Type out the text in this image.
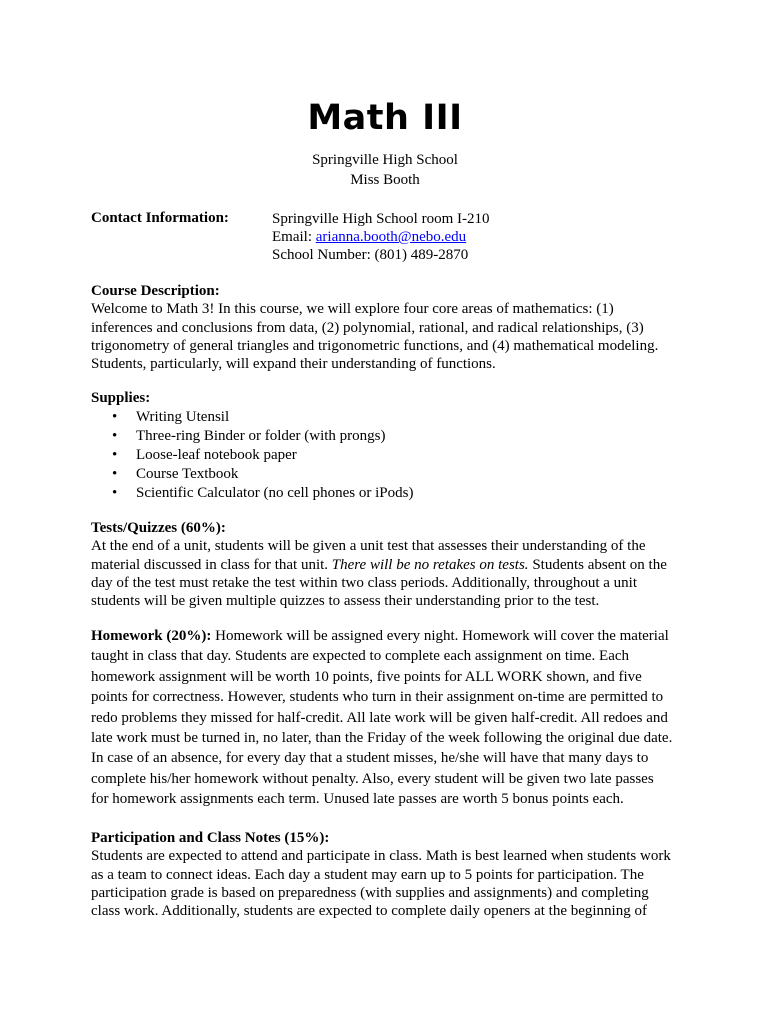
Math III
Springville High School
Miss Booth
Contact Information:	Springville High School room I-210
Email: arianna.booth@nebo.edu
School Number: (801) 489-2870
Course Description:
Welcome to Math 3! In this course, we will explore four core areas of mathematics: (1)
inferences and conclusions from data, (2) polynomial, rational, and radical relationships, (3)
trigonometry of general triangles and trigonometric functions, and (4) mathematical modeling.
Students, particularly, will expand their understanding of functions.
Supplies:
• Writing Utensil
• Three-ring Binder or folder (with prongs)
• Loose-leaf notebook paper
• Course Textbook
• Scientific Calculator (no cell phones or iPods)
Tests/Quizzes (60%):
At the end of a unit, students will be given a unit test that assesses their understanding of the
material discussed in class for that unit. There will be no retakes on tests. Students absent on the
day of the test must retake the test within two class periods. Additionally, throughout a unit
students will be given multiple quizzes to assess their understanding prior to the test.
Homework (20%): Homework will be assigned every night. Homework will cover the material
taught in class that day. Students are expected to complete each assignment on time. Each
homework assignment will be worth 10 points, five points for ALL WORK shown, and five
points for correctness. However, students who turn in their assignment on-time are permitted to
redo problems they missed for half-credit. All late work will be given half-credit. All redoes and
late work must be turned in, no later, than the Friday of the week following the original due date.
In case of an absence, for every day that a student misses, he/she will have that many days to
complete his/her homework without penalty. Also, every student will be given two late passes
for homework assignments each term. Unused late passes are worth 5 bonus points each.
Participation and Class Notes (15%):
Students are expected to attend and participate in class. Math is best learned when students work
as a team to connect ideas. Each day a student may earn up to 5 points for participation. The
participation grade is based on preparedness (with supplies and assignments) and completing
class work. Additionally, students are expected to complete daily openers at the beginning of
